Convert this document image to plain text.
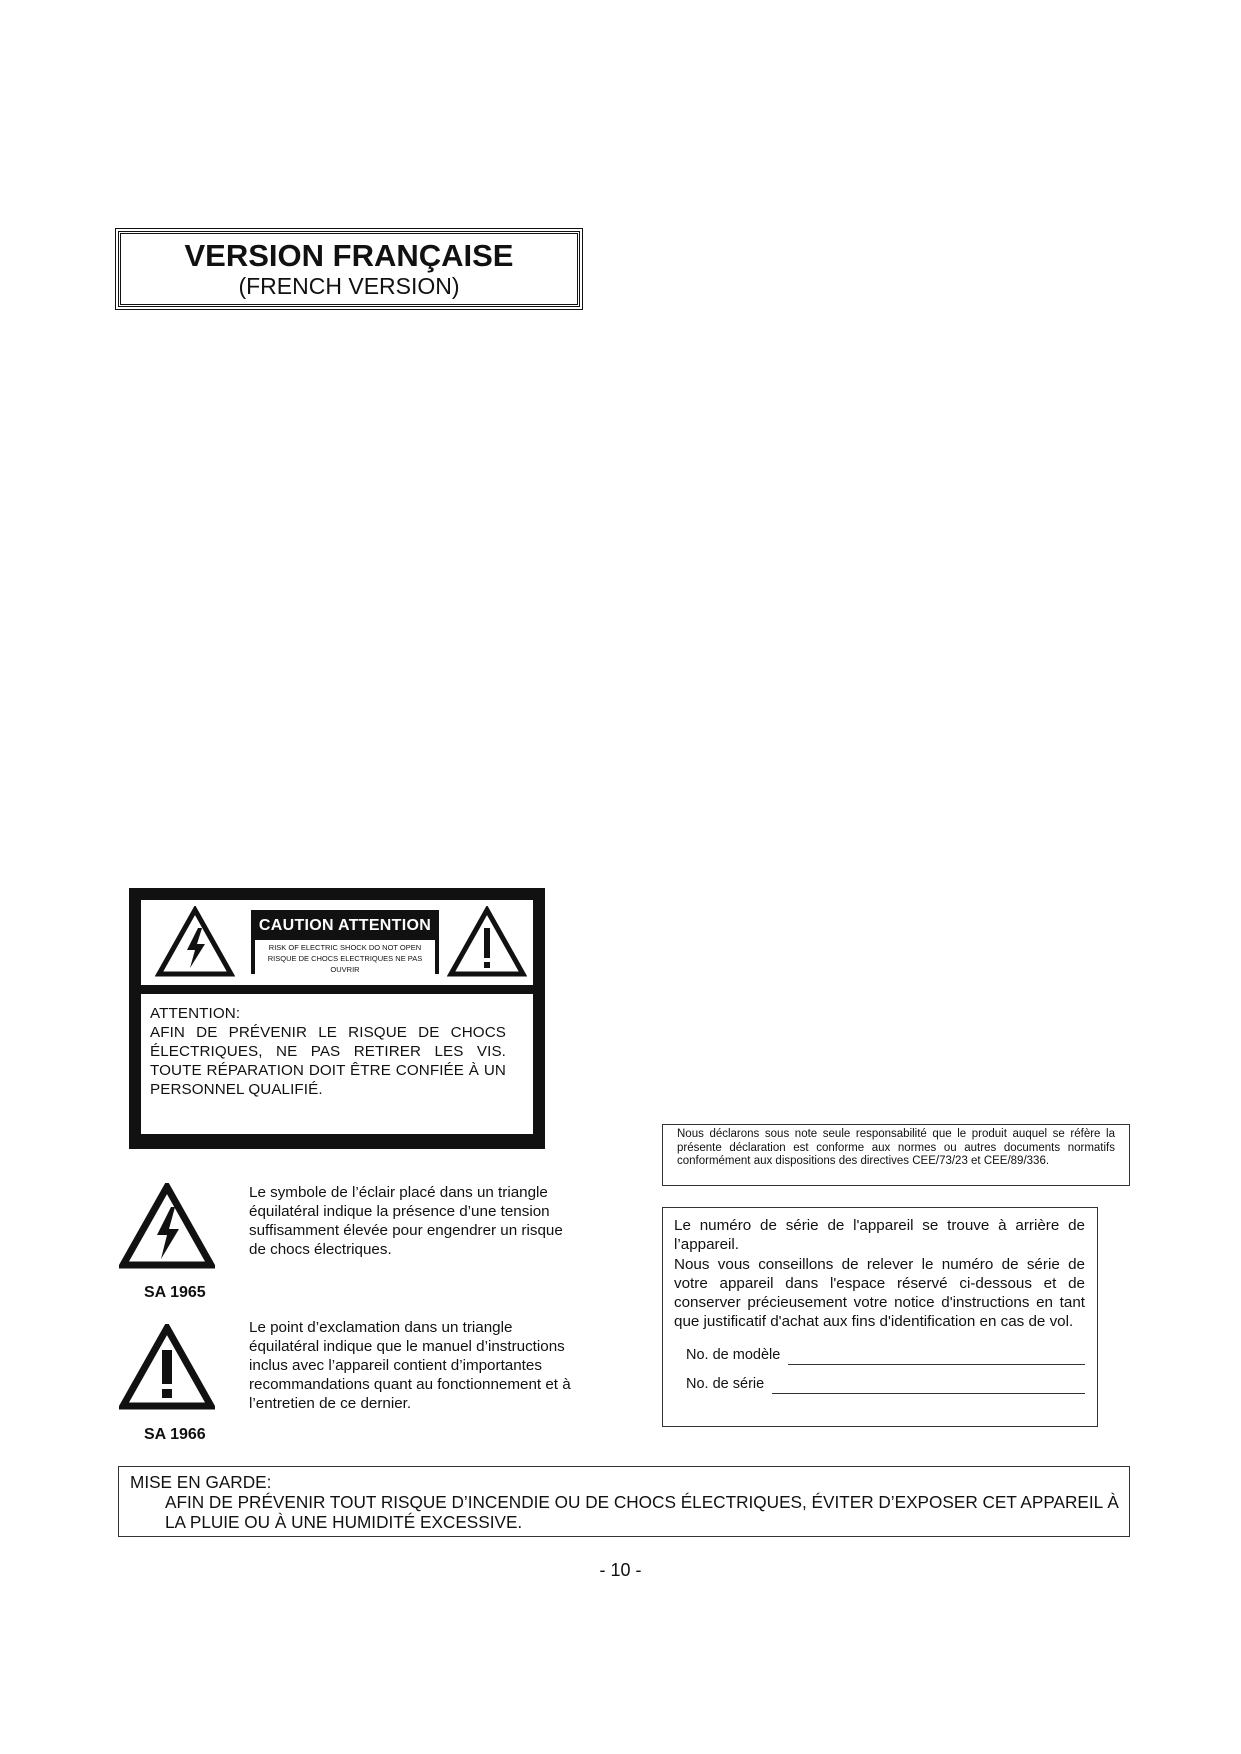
VERSION FRANÇAISE
(FRENCH VERSION)
CAUTION ATTENTION
RISK OF ELECTRIC SHOCK DO NOT OPEN
RISQUE DE CHOCS ELECTRIQUES NE PAS OUVRIR
ATTENTION:
AFIN DE PRÉVENIR LE RISQUE DE CHOCS ÉLECTRIQUES, NE PAS RETIRER LES VIS. TOUTE RÉPARATION DOIT ÊTRE CONFIÉE À UN PERSONNEL QUALIFIÉ.
SA 1965
Le symbole de l’éclair placé dans un triangle équilatéral indique la présence d’une tension suffisamment élevée pour engendrer un risque de chocs électriques.
SA 1966
Le point d’exclamation dans un triangle équilatéral indique que le manuel d’instructions inclus avec l’appareil contient d’importantes recommandations quant au fonctionnement et à l’entretien de ce dernier.
Nous déclarons sous note seule responsabilité que le produit auquel se réfère la présente déclaration est conforme aux normes ou autres documents normatifs conformément aux dispositions des directives CEE/73/23 et CEE/89/336.
Le numéro de série de l'appareil se trouve à arrière de l’appareil.
Nous vous conseillons de relever le numéro de série de votre appareil dans l'espace réservé ci-dessous et de conserver précieusement votre notice d'instructions en tant que justificatif d'achat aux fins d'identification en cas de vol.
No. de modèle
No. de série
MISE EN GARDE:
AFIN DE PRÉVENIR TOUT RISQUE D’INCENDIE OU DE CHOCS ÉLECTRIQUES, ÉVITER D’EXPOSER CET APPAREIL À LA PLUIE OU À UNE HUMIDITÉ EXCESSIVE.
- 10 -
